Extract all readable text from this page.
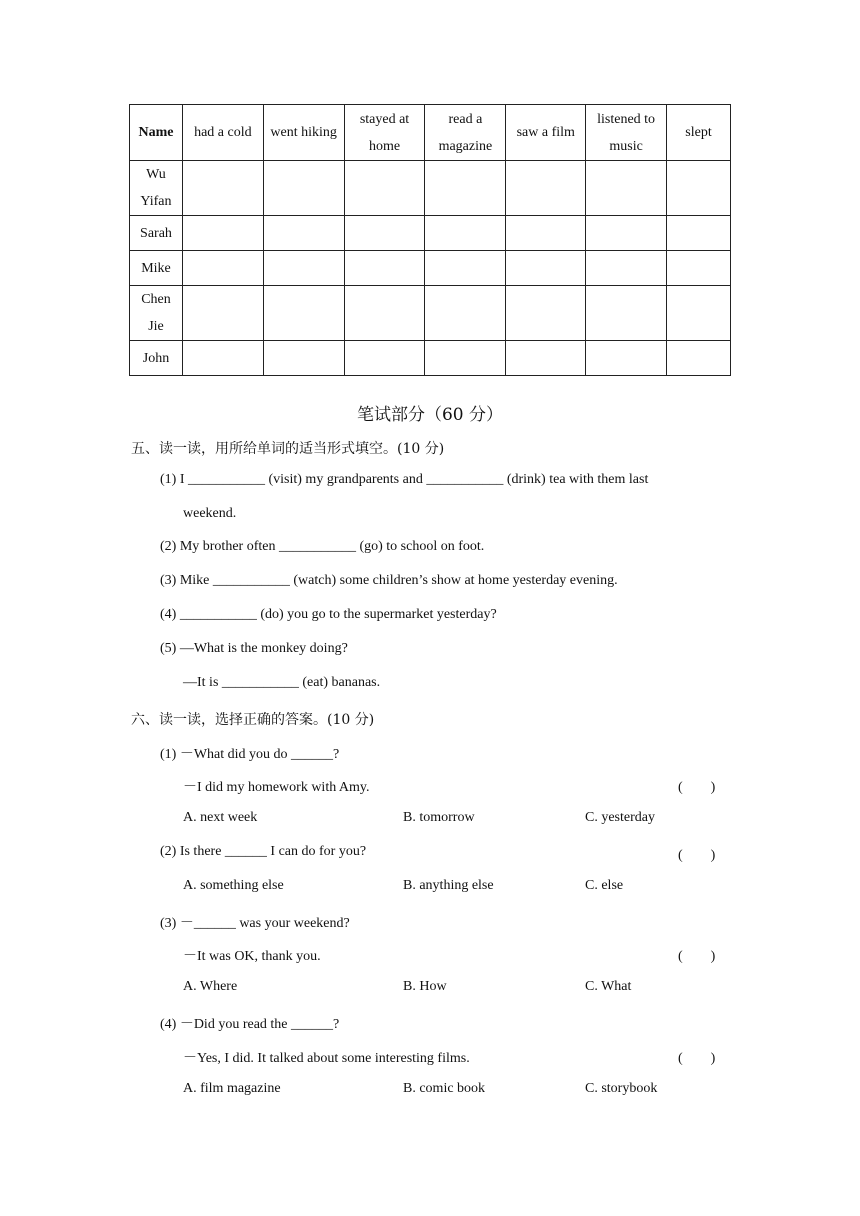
Name	had a cold	went hiking	stayed at home	read a magazine	saw a film	listened to music	slept
Wu Yifan							
Sarah							
Mike							
Chen Jie							
John							
笔试部分（60 分）
五、读一读，用所给单词的适当形式填空。(10 分)
(1) I ___________ (visit) my grandparents and ___________ (drink) tea with them last
weekend.
(2) My brother often ___________ (go) to school on foot.
(3) Mike ___________ (watch) some children’s show at home yesterday evening.
(4) ___________ (do) you go to the supermarket yesterday?
(5) —What is the monkey doing?
—It is ___________ (eat) bananas.
六、读一读，选择正确的答案。(10 分)
(1) －What did you do ______?
－I did my homework with Amy.	(　　)
A. next week	B. tomorrow	C. yesterday
(2) Is there ______ I can do for you?	(　　)
A. something else	B. anything else	C. else
(3) －______ was your weekend?
－It was OK, thank you.	(　　)
A. Where	B. How	C. What
(4) －Did you read the ______?
－Yes, I did. It talked about some interesting films.	(　　)
A. film magazine	B. comic book	C. storybook
